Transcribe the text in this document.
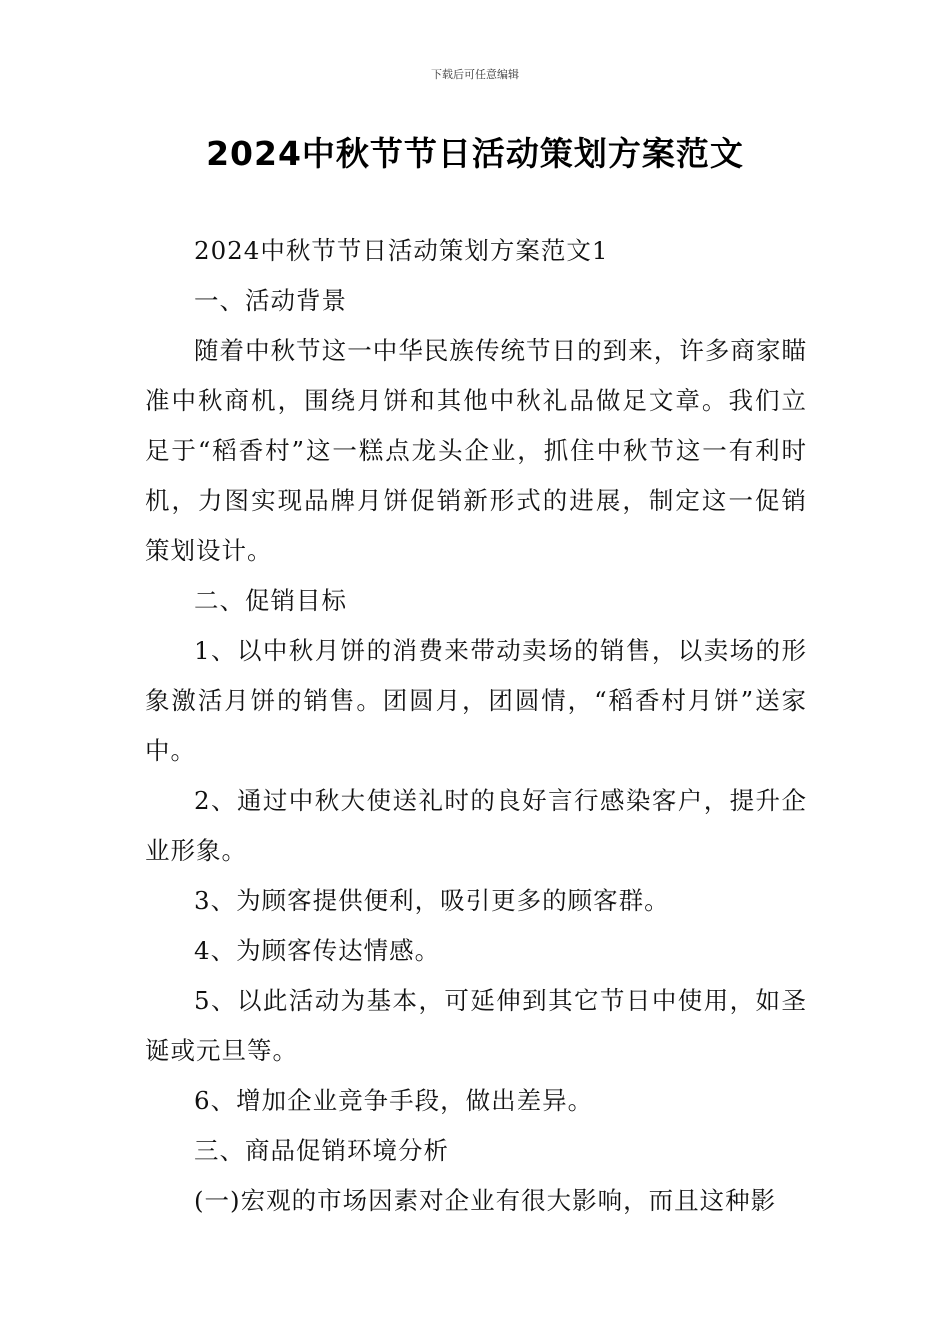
下载后可任意编辑
2024中秋节节日活动策划方案范文

2024中秋节节日活动策划方案范文1

一、活动背景

随着中秋节这一中华民族传统节日的到来，许多商家瞄准中秋商机，围绕月饼和其他中秋礼品做足文章。我们立足于“稻香村”这一糕点龙头企业，抓住中秋节这一有利时机，力图实现品牌月饼促销新形式的进展，制定这一促销策划设计。

二、促销目标

1、以中秋月饼的消费来带动卖场的销售，以卖场的形象激活月饼的销售。团圆月，团圆情，“稻香村月饼”送家中。

2、通过中秋大使送礼时的良好言行感染客户，提升企业形象。

3、为顾客提供便利，吸引更多的顾客群。

4、为顾客传达情感。

5、以此活动为基本，可延伸到其它节日中使用，如圣诞或元旦等。

6、增加企业竞争手段，做出差异。

三、商品促销环境分析

(一)宏观的市场因素对企业有很大影响，而且这种影
